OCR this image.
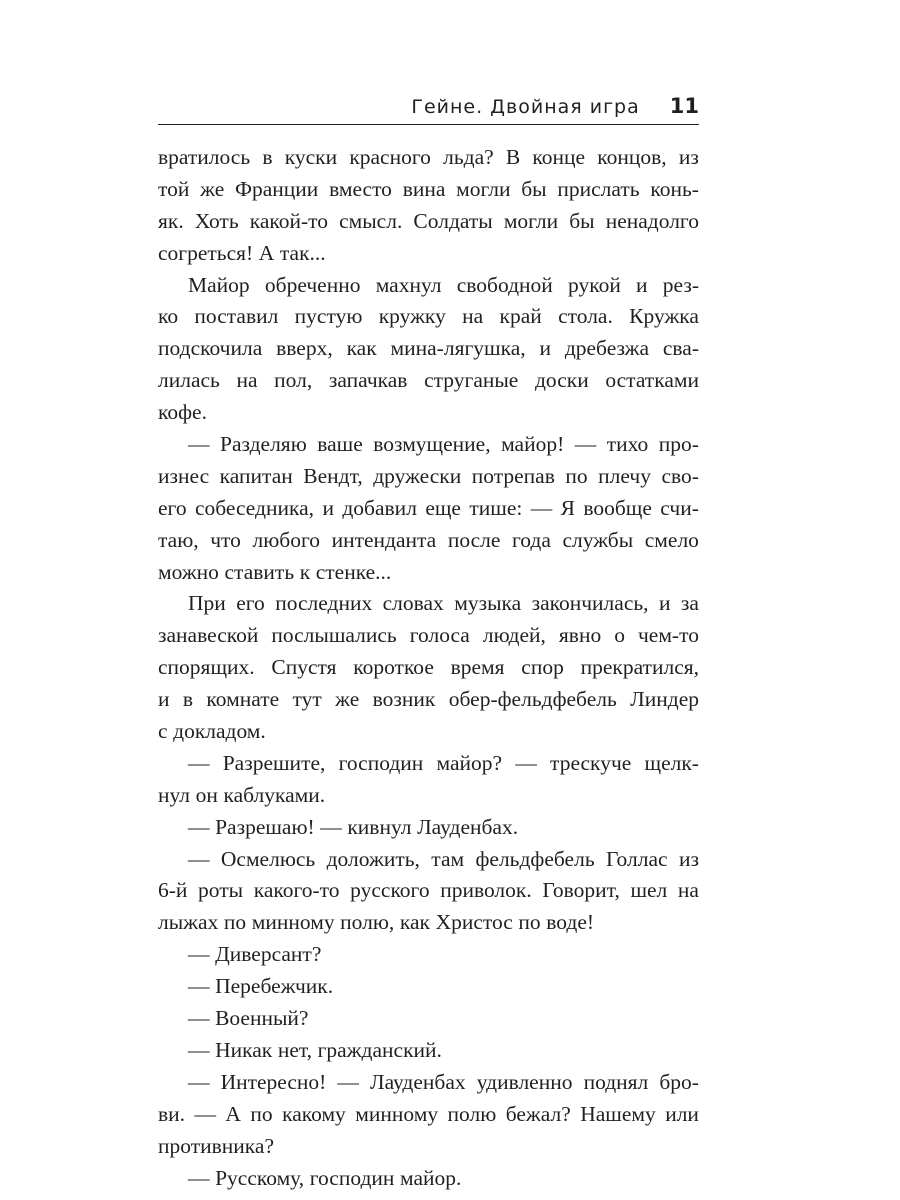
Гейне. Двойная игра 11
вратилось в куски красного льда? В конце концов, из
той же Франции вместо вина могли бы прислать конь-
як. Хоть какой-то смысл. Солдаты могли бы ненадолго
согреться! А так...
Майор обреченно махнул свободной рукой и рез-
ко поставил пустую кружку на край стола. Кружка
подскочила вверх, как мина-лягушка, и дребезжа сва-
лилась на пол, запачкав струганые доски остатками
кофе.
— Разделяю ваше возмущение, майор! — тихо про-
изнес капитан Вендт, дружески потрепав по плечу сво-
его собеседника, и добавил еще тише: — Я вообще счи-
таю, что любого интенданта после года службы смело
можно ставить к стенке...
При его последних словах музыка закончилась, и за
занавеской послышались голоса людей, явно о чем-то
спорящих. Спустя короткое время спор прекратился,
и в комнате тут же возник обер-фельдфебель Линдер
с докладом.
— Разрешите, господин майор? — трескуче щелк-
нул он каблуками.
— Разрешаю! — кивнул Лауденбах.
— Осмелюсь доложить, там фельдфебель Голлас из
6-й роты какого-то русского приволок. Говорит, шел на
лыжах по минному полю, как Христос по воде!
— Диверсант?
— Перебежчик.
— Военный?
— Никак нет, гражданский.
— Интересно! — Лауденбах удивленно поднял бро-
ви. — А по какому минному полю бежал? Нашему или
противника?
— Русскому, господин майор.
